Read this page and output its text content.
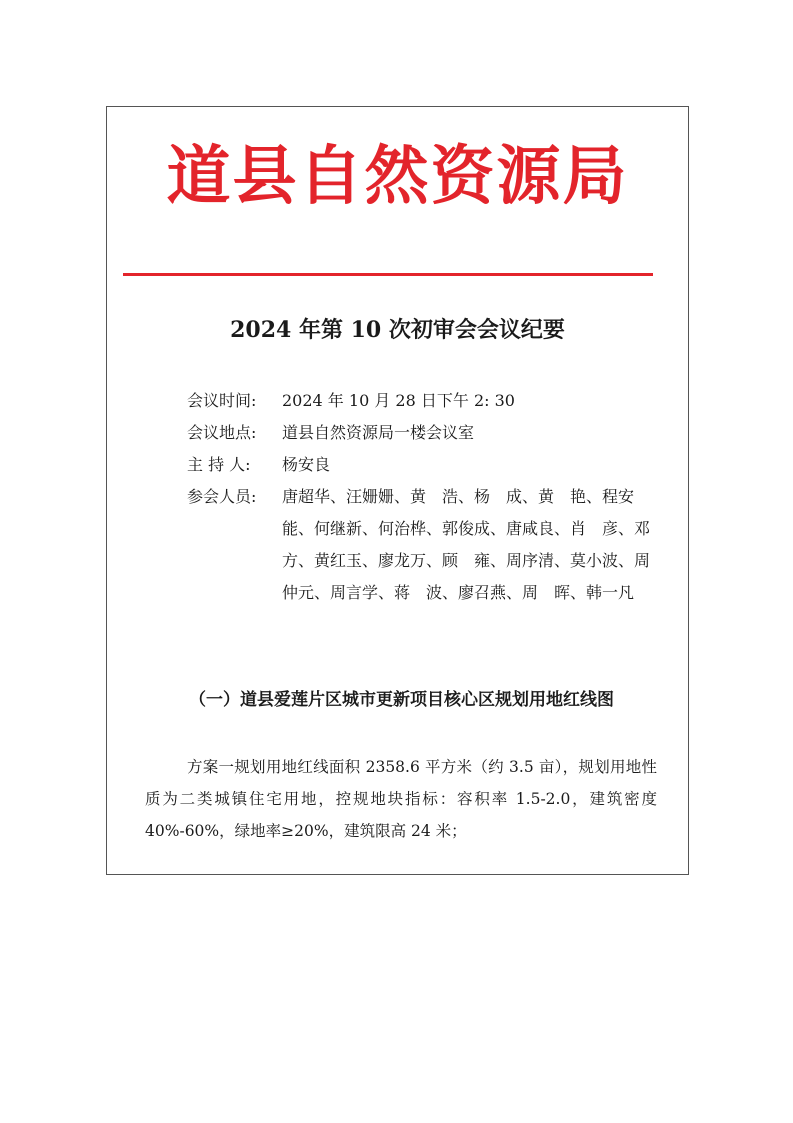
道县自然资源局
2024 年第 10 次初审会会议纪要
会议时间:	2024 年 10 月 28 日下午 2: 30
会议地点:	道县自然资源局一楼会议室
主 持 人:	杨安良
参会人员:	唐超华、汪姗姗、黄　浩、杨　成、黄　艳、程安能、何继新、何治桦、郭俊成、唐咸良、肖　彦、邓　方、黄红玉、廖龙万、顾　雍、周序清、莫小波、周仲元、周言学、蒋　波、廖召燕、周　晖、韩一凡
（一）道县爱莲片区城市更新项目核心区规划用地红线图
方案一规划用地红线面积 2358.6 平方米（约 3.5 亩），规划用地性质为二类城镇住宅用地，控规地块指标：容积率 1.5-2.0，建筑密度 40%-60%，绿地率≥20%，建筑限高 24 米；
